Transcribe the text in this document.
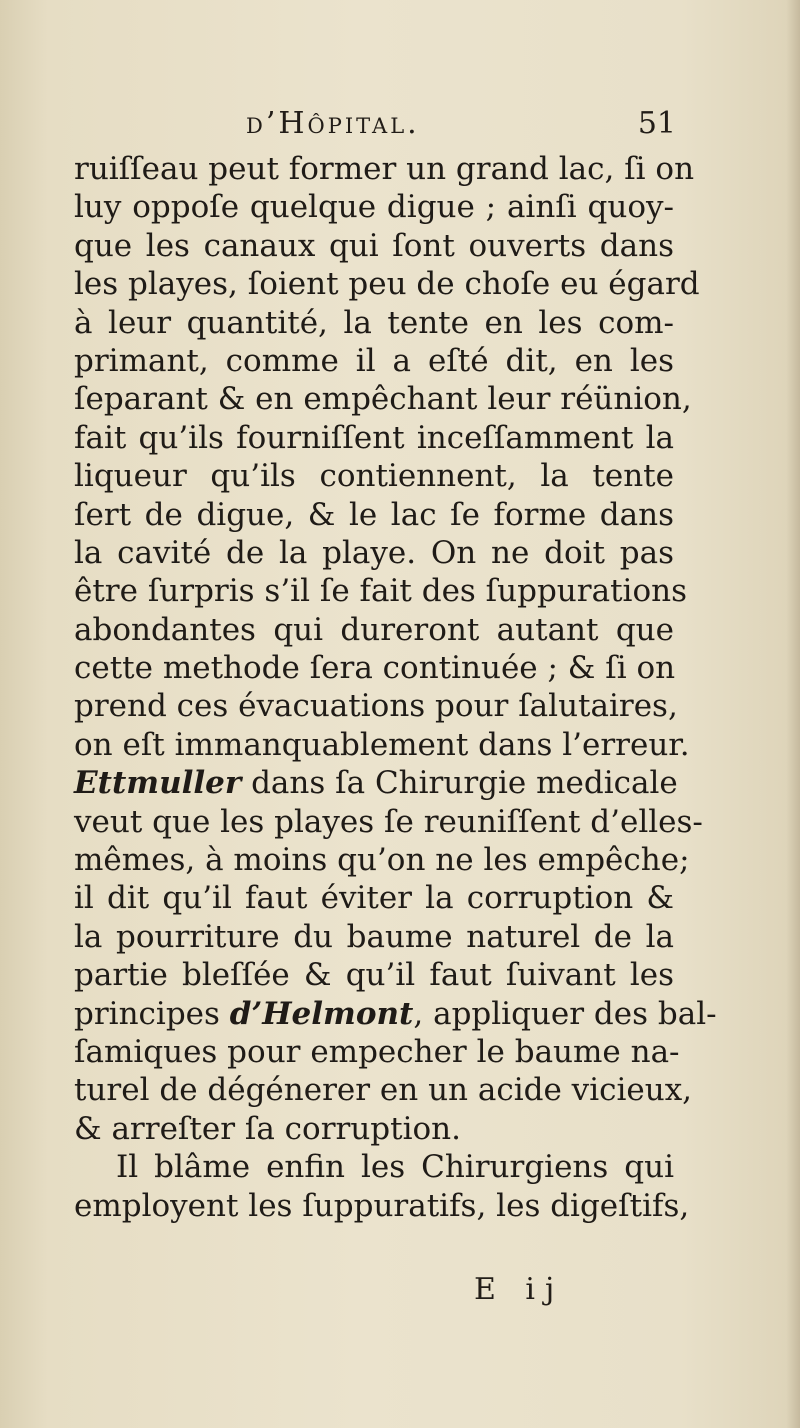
d’Hôpital.	51
ruiſſeau peut former un grand lac, ſi on
luy oppoſe quelque digue ; ainſi quoy-
que les canaux qui ſont ouverts dans
les playes, ſoient peu de choſe eu égard
à leur quantité, la tente en les com-
primant, comme il a eſté dit, en les
ſeparant & en empêchant leur réünion,
fait qu’ils fourniſſent inceſſamment la
liqueur qu’ils contiennent, la tente
ſert de digue, & le lac ſe forme dans
la cavité de la playe. On ne doit pas
être ſurpris s’il ſe fait des ſuppurations
abondantes qui dureront autant que
cette methode ſera continuée ; & ſi on
prend ces évacuations pour ſalutaires,
on eſt immanquablement dans l’erreur.
Ettmuller dans ſa Chirurgie medicale
veut que les playes ſe reuniſſent d’elles-
mêmes, à moins qu’on ne les empêche;
il dit qu’il faut éviter la corruption &
la pourriture du baume naturel de la
partie bleſſée & qu’il faut ſuivant les
principes d’Helmont, appliquer des bal-
ſamiques pour empecher le baume na-
turel de dégénerer en un acide vicieux,
& arreſter ſa corruption.
Il blâme enfin les Chirurgiens qui
employent les ſuppuratifs, les digeſtifs,
E ij
